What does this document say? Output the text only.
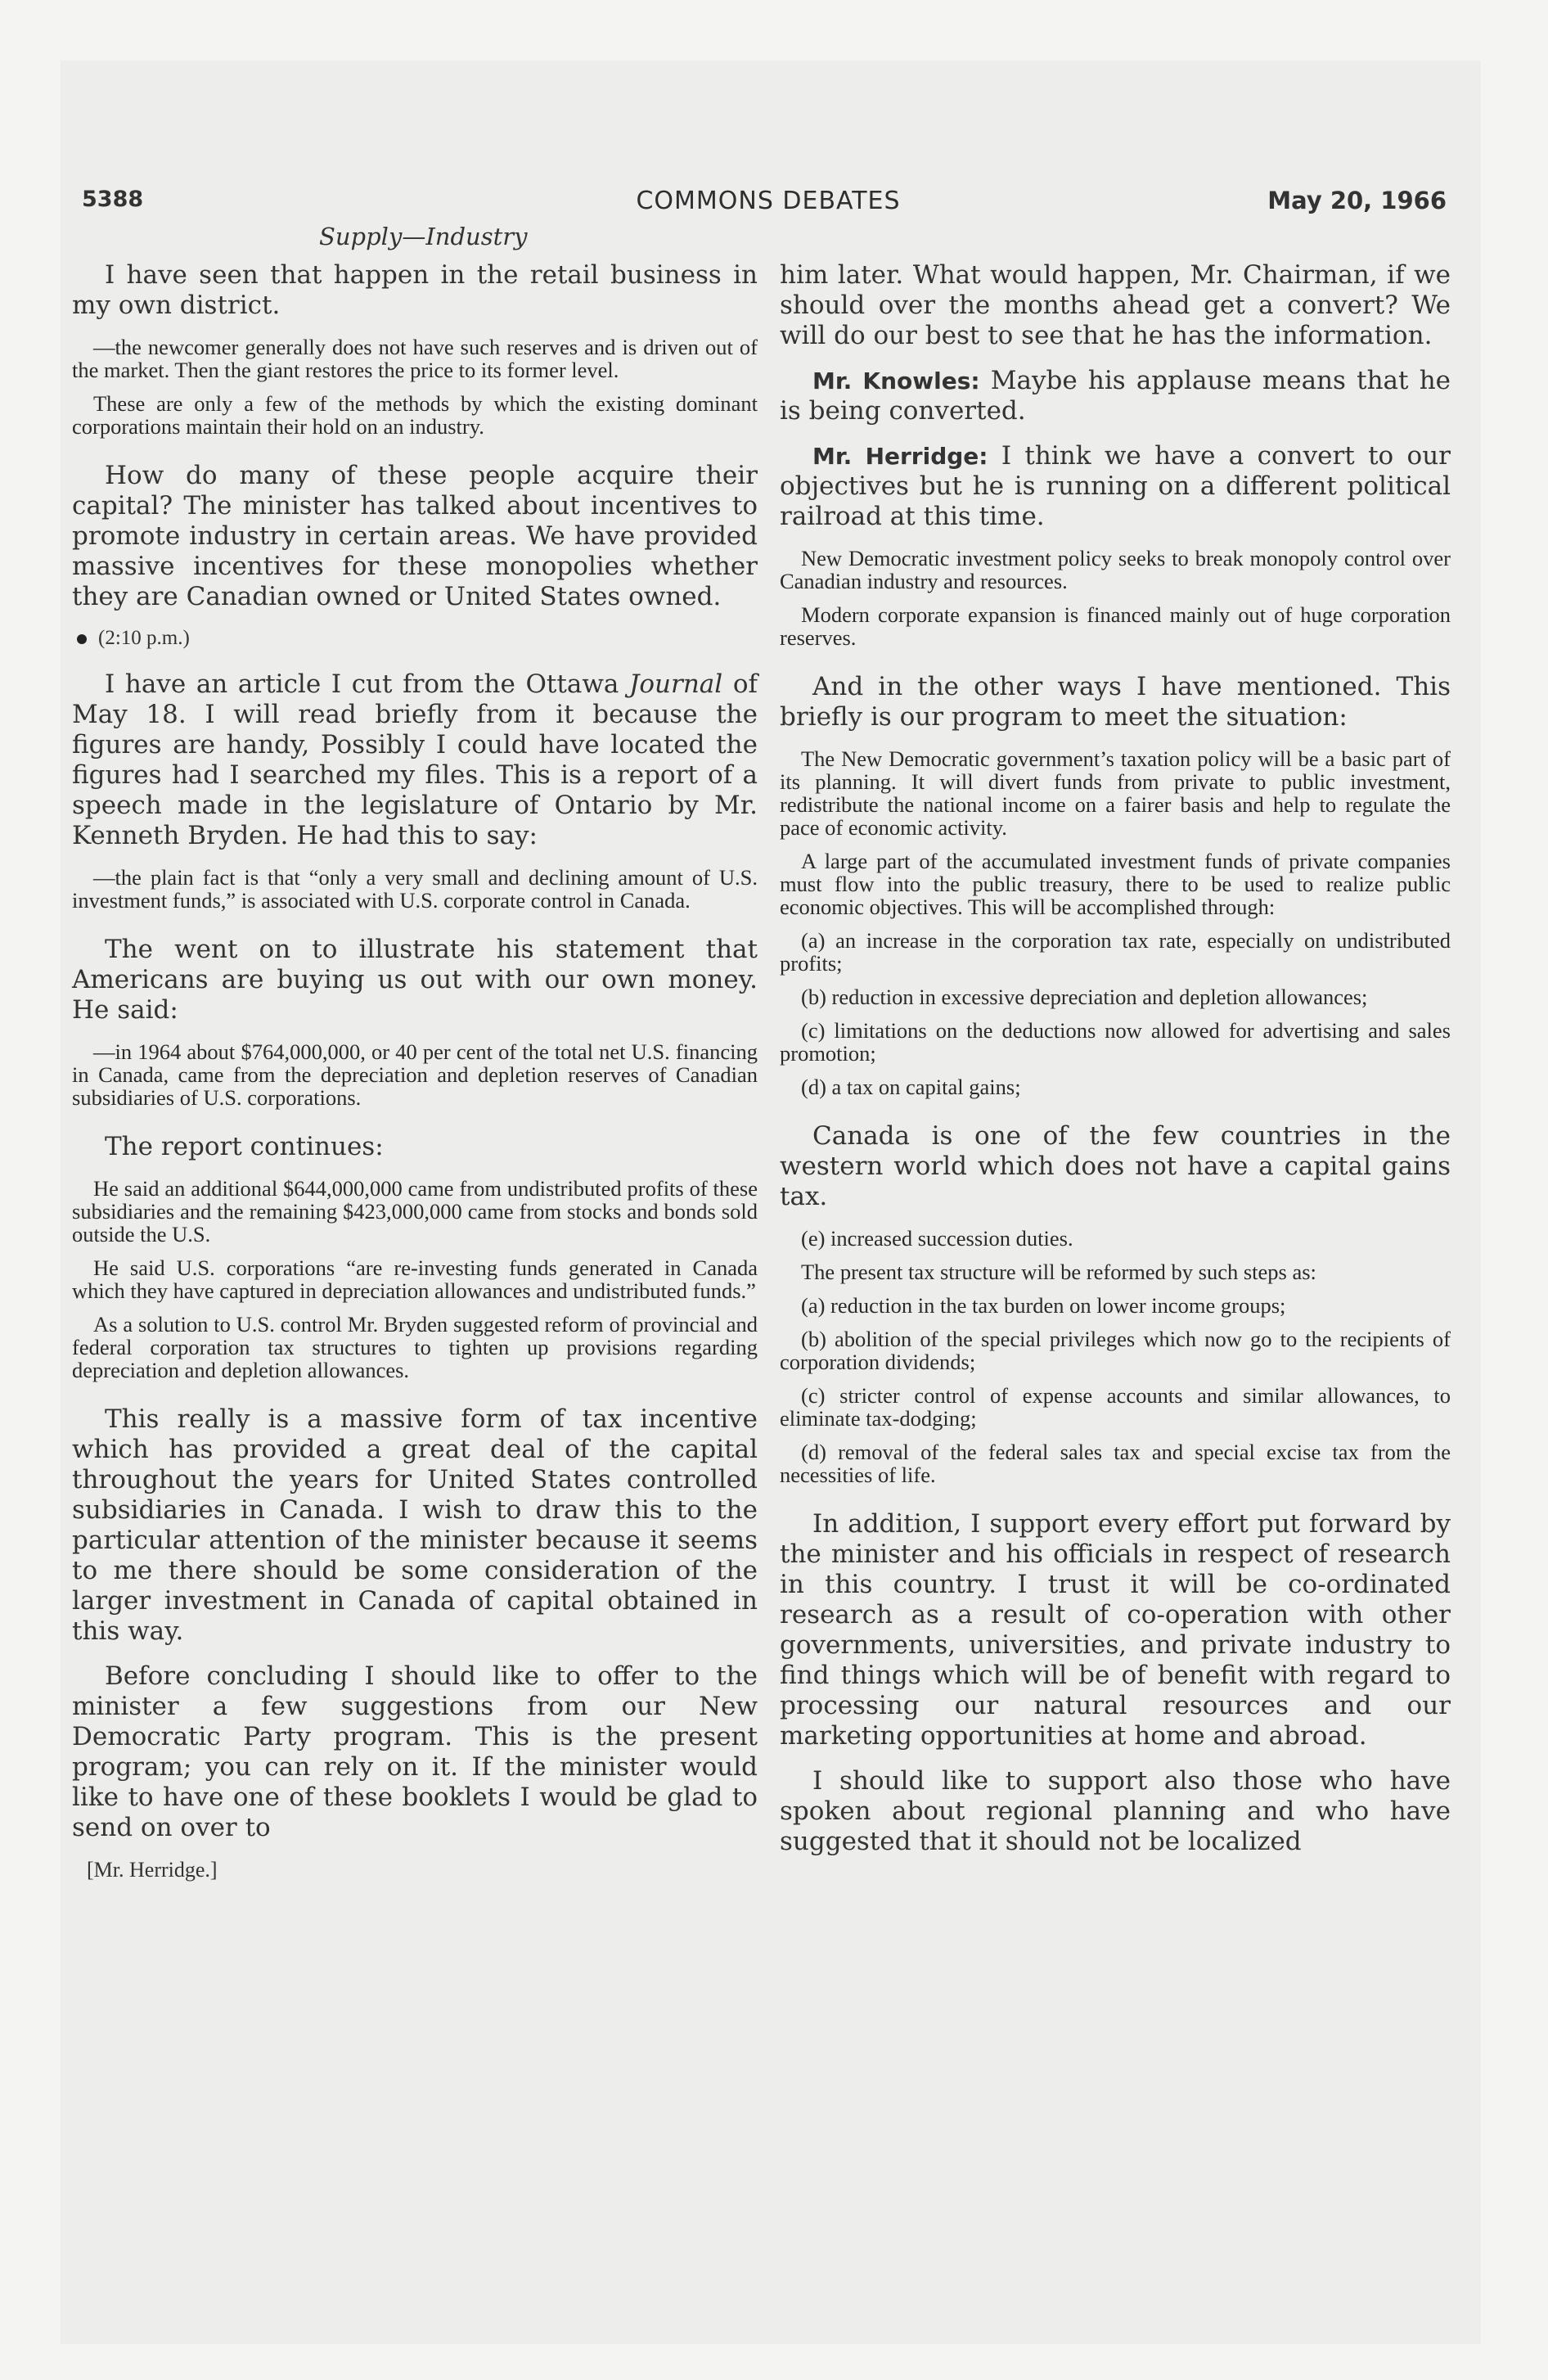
5388	COMMONS DEBATES	May 20, 1966
Supply—Industry

I have seen that happen in the retail business in my own district.

—the newcomer generally does not have such reserves and is driven out of the market. Then the giant restores the price to its former level.

These are only a few of the methods by which the existing dominant corporations maintain their hold on an industry.

How do many of these people acquire their capital? The minister has talked about incentives to promote industry in certain areas. We have provided massive incentives for these monopolies whether they are Canadian owned or United States owned.

(2:10 p.m.)

I have an article I cut from the Ottawa Journal of May 18. I will read briefly from it because the figures are handy, Possibly I could have located the figures had I searched my files. This is a report of a speech made in the legislature of Ontario by Mr. Kenneth Bryden. He had this to say:

—the plain fact is that “only a very small and declining amount of U.S. investment funds,” is associated with U.S. corporate control in Canada.

The went on to illustrate his statement that Americans are buying us out with our own money. He said:

—in 1964 about $764,000,000, or 40 per cent of the total net U.S. financing in Canada, came from the depreciation and depletion reserves of Canadian subsidiaries of U.S. corporations.

The report continues:

He said an additional $644,000,000 came from undistributed profits of these subsidiaries and the remaining $423,000,000 came from stocks and bonds sold outside the U.S.

He said U.S. corporations “are re-investing funds generated in Canada which they have captured in depreciation allowances and undistributed funds.”

As a solution to U.S. control Mr. Bryden suggested reform of provincial and federal corporation tax structures to tighten up provisions regarding depreciation and depletion allowances.

This really is a massive form of tax incentive which has provided a great deal of the capital throughout the years for United States controlled subsidiaries in Canada. I wish to draw this to the particular attention of the minister because it seems to me there should be some consideration of the larger investment in Canada of capital obtained in this way.

Before concluding I should like to offer to the minister a few suggestions from our New Democratic Party program. This is the present program; you can rely on it. If the minister would like to have one of these booklets I would be glad to send on over to

[Mr. Herridge.]

him later. What would happen, Mr. Chairman, if we should over the months ahead get a convert? We will do our best to see that he has the information.

Mr. Knowles: Maybe his applause means that he is being converted.

Mr. Herridge: I think we have a convert to our objectives but he is running on a different political railroad at this time.

New Democratic investment policy seeks to break monopoly control over Canadian industry and resources.

Modern corporate expansion is financed mainly out of huge corporation reserves.

And in the other ways I have mentioned. This briefly is our program to meet the situation:

The New Democratic government’s taxation policy will be a basic part of its planning. It will divert funds from private to public investment, redistribute the national income on a fairer basis and help to regulate the pace of economic activity.

A large part of the accumulated investment funds of private companies must flow into the public treasury, there to be used to realize public economic objectives. This will be accomplished through:

(a) an increase in the corporation tax rate, especially on undistributed profits;

(b) reduction in excessive depreciation and depletion allowances;

(c) limitations on the deductions now allowed for advertising and sales promotion;

(d) a tax on capital gains;

Canada is one of the few countries in the western world which does not have a capital gains tax.

(e) increased succession duties.

The present tax structure will be reformed by such steps as:

(a) reduction in the tax burden on lower income groups;

(b) abolition of the special privileges which now go to the recipients of corporation dividends;

(c) stricter control of expense accounts and similar allowances, to eliminate tax-dodging;

(d) removal of the federal sales tax and special excise tax from the necessities of life.

In addition, I support every effort put forward by the minister and his officials in respect of research in this country. I trust it will be co-ordinated research as a result of co-operation with other governments, universities, and private industry to find things which will be of benefit with regard to processing our natural resources and our marketing opportunities at home and abroad.

I should like to support also those who have spoken about regional planning and who have suggested that it should not be localized
